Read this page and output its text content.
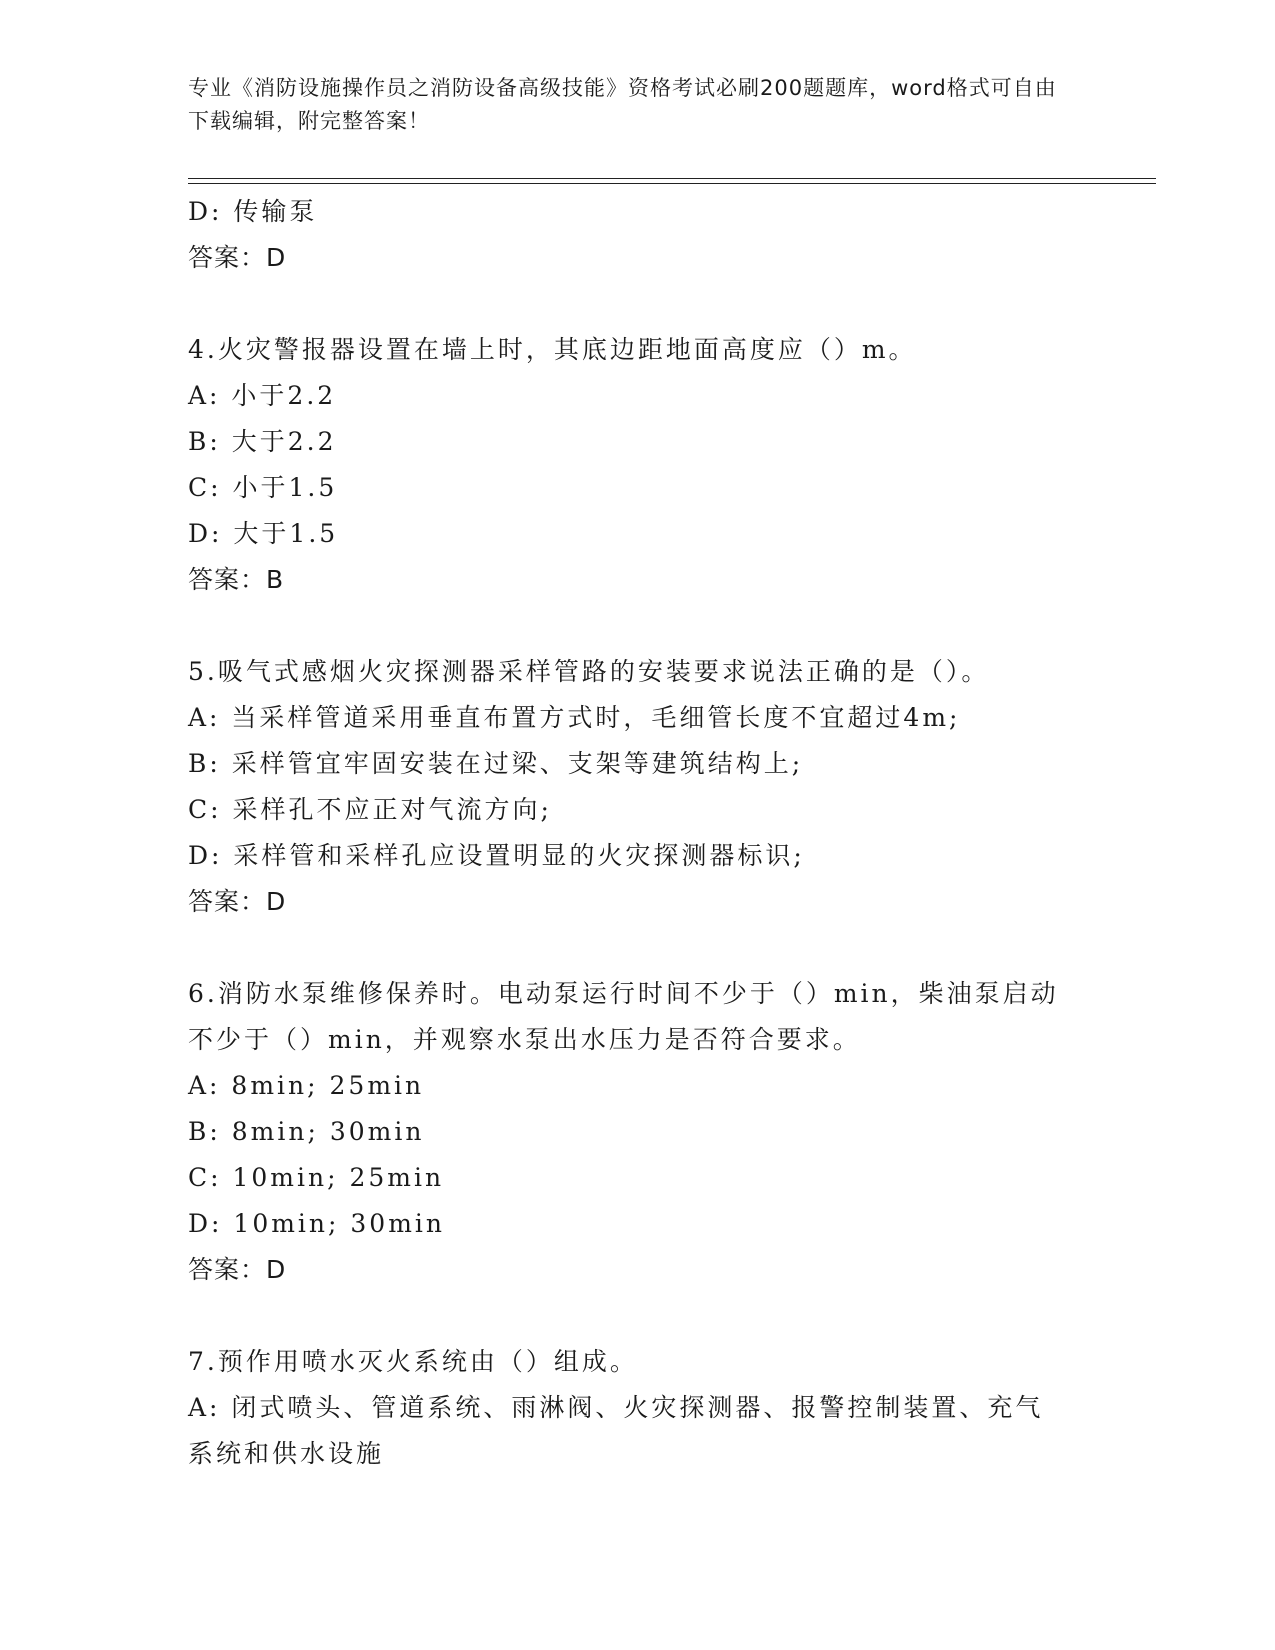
专业《消防设施操作员之消防设备高级技能》资格考试必刷200题题库，word格式可自由下载编辑，附完整答案！
D: 传输泵
答案：D
4.火灾警报器设置在墙上时，其底边距地面高度应（）m。
A: 小于2.2
B: 大于2.2
C: 小于1.5
D: 大于1.5
答案：B
5.吸气式感烟火灾探测器采样管路的安装要求说法正确的是（）。
A: 当采样管道采用垂直布置方式时，毛细管长度不宜超过4m;
B: 采样管宜牢固安装在过梁、支架等建筑结构上;
C: 采样孔不应正对气流方向;
D: 采样管和采样孔应设置明显的火灾探测器标识;
答案：D
6.消防水泵维修保养时。电动泵运行时间不少于（）min，柴油泵启动
不少于（）min，并观察水泵出水压力是否符合要求。
A: 8min; 25min
B: 8min; 30min
C: 10min; 25min
D: 10min; 30min
答案：D
7.预作用喷水灭火系统由（）组成。
A: 闭式喷头、管道系统、雨淋阀、火灾探测器、报警控制装置、充气
系统和供水设施
